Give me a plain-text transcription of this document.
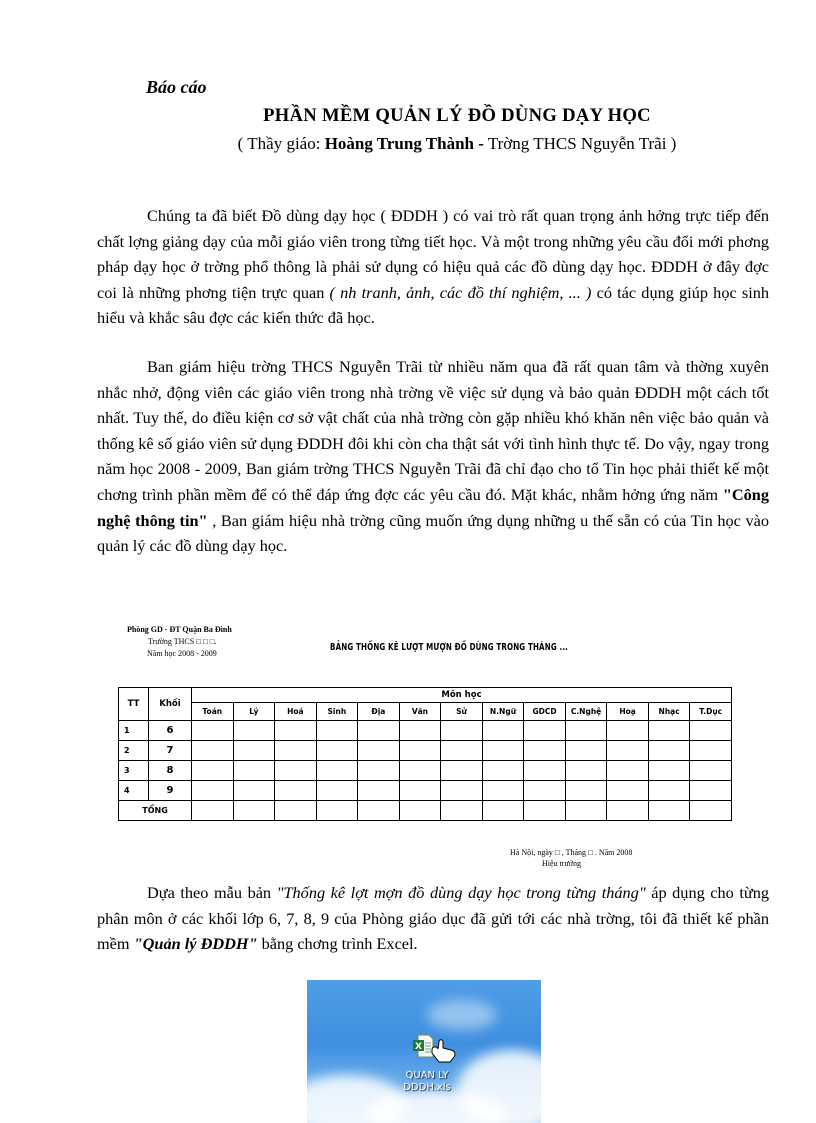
Báo cáo
PHẦN MỀM QUẢN LÝ ĐỒ DÙNG DẠY HỌC
( Thầy giáo: Hoàng Trung Thành - Trờng THCS Nguyễn Trãi )

Chúng ta đã biết Đồ dùng dạy học ( ĐDDH ) có vai trò rất quan trọng ảnh hởng trực tiếp đến chất lợng giảng dạy của mỗi giáo viên trong từng tiết học. Và một trong những yêu cầu đổi mới phơng pháp dạy học ở trờng phổ thông là phải sử dụng có hiệu quả các đồ dùng dạy học. ĐDDH ở đây đợc coi là những phơng tiện trực quan ( nh tranh, ảnh, các đồ thí nghiệm, ... ) có tác dụng giúp học sinh hiểu và khắc sâu đợc các kiến thức đã học.

Ban giám hiệu trờng THCS Nguyễn Trãi từ nhiều năm qua đã rất quan tâm và thờng xuyên nhắc nhở, động viên các giáo viên trong nhà trờng về việc sử dụng và bảo quản ĐDDH một cách tốt nhất. Tuy thế, do điều kiện cơ sở vật chất của nhà trờng còn gặp nhiều khó khăn nên việc bảo quản và thống kê số giáo viên sử dụng ĐDDH đôi khi còn cha thật sát với tình hình thực tế. Do vậy, ngay trong năm học 2008 - 2009, Ban giám trờng THCS Nguyễn Trãi đã chỉ đạo cho tổ Tin học phải thiết kế một chơng trình phần mềm để có thể đáp ứng đợc các yêu cầu đó. Mặt khác, nhằm hởng ứng năm "Công nghệ thông tin" , Ban giám hiệu nhà trờng cũng muốn ứng dụng những u thế sẵn có của Tin học vào quản lý các đồ dùng dạy học.

Phòng GD - ĐT Quận Ba Đình
Trường THCS □ □ □.
Năm học 2008 - 2009
BẢNG THỐNG KÊ LƯỢT MƯỢN ĐỒ DÙNG TRONG THÁNG ...
TT	Khối	Môn học												
		Toán	Lý	Hoá	Sinh	Địa	Văn	Sử	N.Ngữ	GDCD	C.Nghệ	Hoạ	Nhạc	T.Dục
1	6													
2	7													
3	8													
4	9													
TỔNG														
Hà Nội, ngày □ , Tháng □ . Năm 2008
Hiệu trưởng

Dựa theo mẫu bản "Thống kê lợt mợn đồ dùng dạy học trong từng tháng" áp dụng cho từng phân môn ở các khối lớp 6, 7, 8, 9 của Phòng giáo dục đã gửi tới các nhà trờng, tôi đã thiết kế phần mềm "Quản lý ĐDDH" bằng chơng trình Excel.

X
QUAN LY
DDDH.xls
